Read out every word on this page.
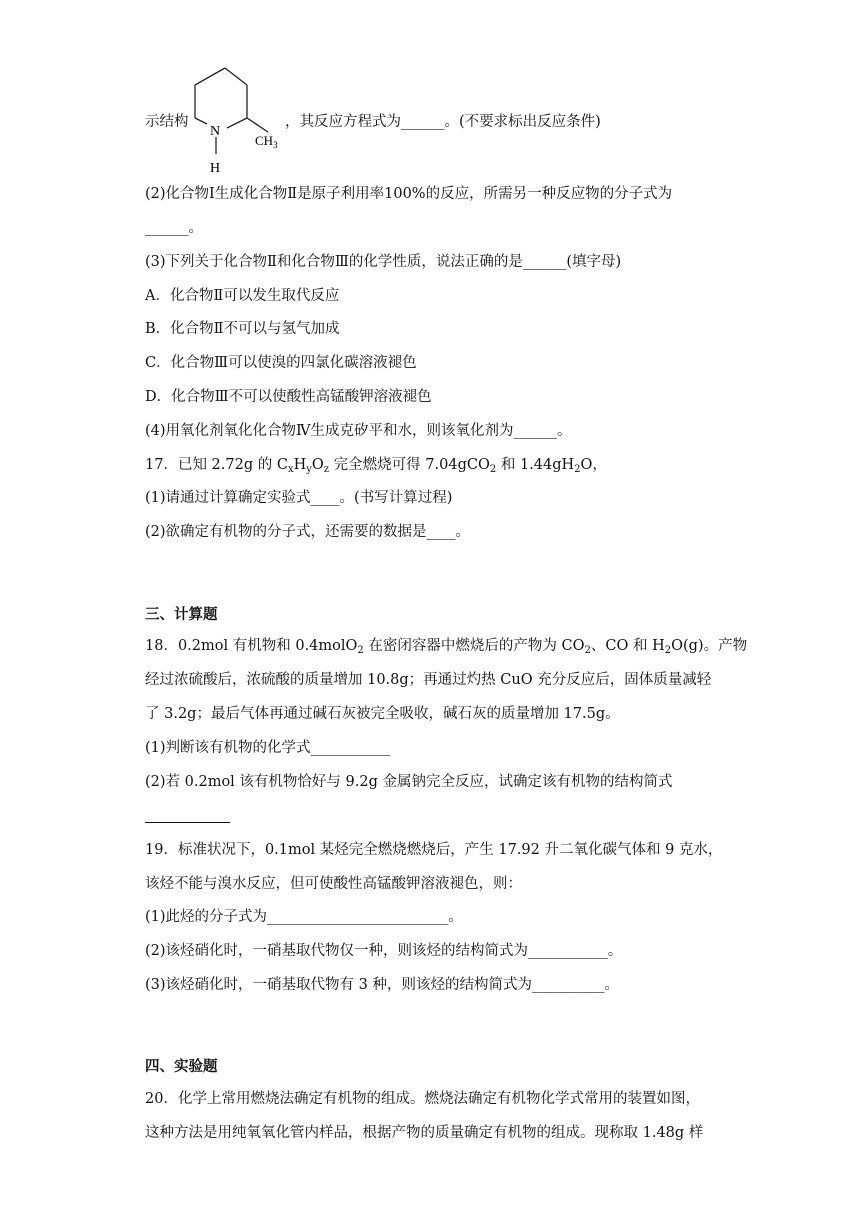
N
H
$CH_3$
示结构	，其反应方程式为______。(不要求标出反应条件)
(2)化合物Ⅰ生成化合物Ⅱ是原子利用率100%的反应，所需另一种反应物的分子式为
______。
(3)下列关于化合物Ⅱ和化合物Ⅲ的化学性质，说法正确的是______(填字母)
A．化合物Ⅱ可以发生取代反应
B．化合物Ⅱ不可以与氢气加成
C．化合物Ⅲ可以使溴的四氯化碳溶液褪色
D．化合物Ⅲ不可以使酸性高锰酸钾溶液褪色
(4)用氧化剂氧化化合物Ⅳ生成克矽平和水，则该氧化剂为______。
17．已知 2.72g 的 $C_xH_yO_z$ 完全燃烧可得 7.04gCO$_2$ 和 $1.44gH_2O$，
(1)请通过计算确定实验式____。(书写计算过程)
(2)欲确定有机物的分子式，还需要的数据是____。
三、计算题
18．0.2mol 有机物和 0.4molO$_2$ 在密闭容器中燃烧后的产物为 $CO_2$、CO 和 $H_2O(g)$。产物
经过浓硫酸后，浓硫酸的质量增加 10.8g；再通过灼热 CuO 充分反应后，固体质量减轻
了 3.2g；最后气体再通过碱石灰被完全吸收，碱石灰的质量增加 17.5g。
(1)判断该有机物的化学式___________
(2)若 0.2mol 该有机物恰好与 9.2g 金属钠完全反应，试确定该有机物的结构简式
19．标准状况下，0.1mol 某烃完全燃烧燃烧后，产生 17.92 升二氧化碳气体和 9 克水，
该烃不能与溴水反应，但可使酸性高锰酸钾溶液褪色，则：
(1)此烃的分子式为_________________________。
(2)该烃硝化时，一硝基取代物仅一种，则该烃的结构简式为___________。
(3)该烃硝化时，一硝基取代物有 3 种，则该烃的结构简式为__________。
四、实验题
20．化学上常用燃烧法确定有机物的组成。燃烧法确定有机物化学式常用的装置如图，
这种方法是用纯氧氧化管内样品，根据产物的质量确定有机物的组成。现称取 1.48g 样
